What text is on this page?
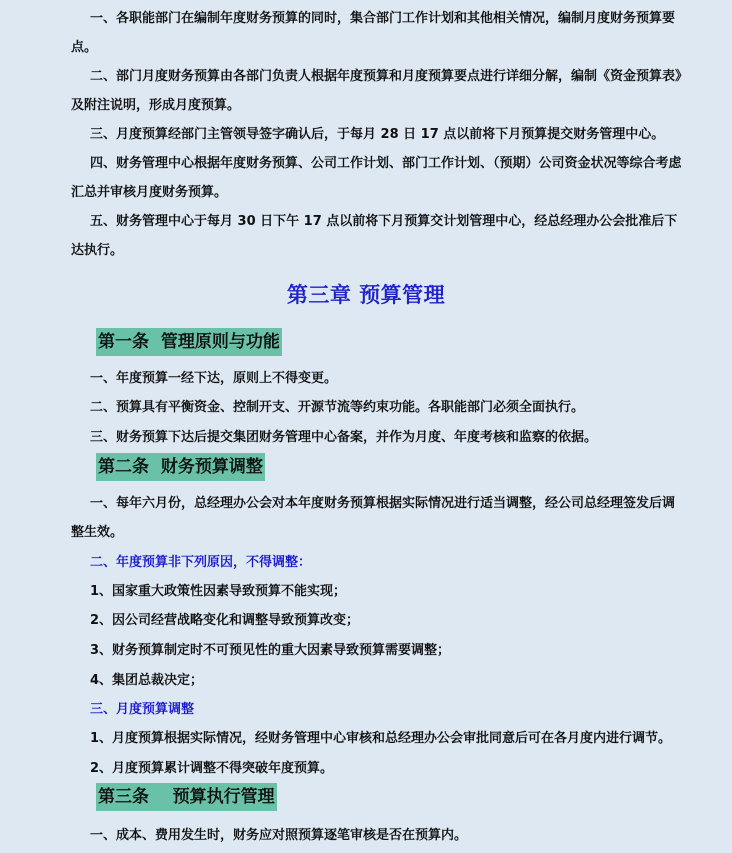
一、各职能部门在编制年度财务预算的同时，集合部门工作计划和其他相关情况，编制月度财务预算要点。

二、部门月度财务预算由各部门负责人根据年度预算和月度预算要点进行详细分解，编制《资金预算表》及附注说明，形成月度预算。

三、月度预算经部门主管领导签字确认后，于每月 28 日 17 点以前将下月预算提交财务管理中心。

四、财务管理中心根据年度财务预算、公司工作计划、部门工作计划、（预期）公司资金状况等综合考虑汇总并审核月度财务预算。

五、财务管理中心于每月 30 日下午 17 点以前将下月预算交计划管理中心，经总经理办公会批准后下达执行。

第三章 预算管理
第一条  管理原则与功能

一、年度预算一经下达，原则上不得变更。

二、预算具有平衡资金、控制开支、开源节流等约束功能。各职能部门必须全面执行。

三、财务预算下达后提交集团财务管理中心备案，并作为月度、年度考核和监察的依据。

第二条  财务预算调整

一、每年六月份，总经理办公会对本年度财务预算根据实际情况进行适当调整，经公司总经理签发后调整生效。

二、年度预算非下列原因，不得调整：

1、国家重大政策性因素导致预算不能实现；

2、因公司经营战略变化和调整导致预算改变；

3、财务预算制定时不可预见性的重大因素导致预算需要调整；

4、集团总裁决定；

三、月度预算调整

1、月度预算根据实际情况，经财务管理中心审核和总经理办公会审批同意后可在各月度内进行调节。

2、月度预算累计调整不得突破年度预算。

第三条    预算执行管理

一、成本、费用发生时，财务应对照预算逐笔审核是否在预算内。
